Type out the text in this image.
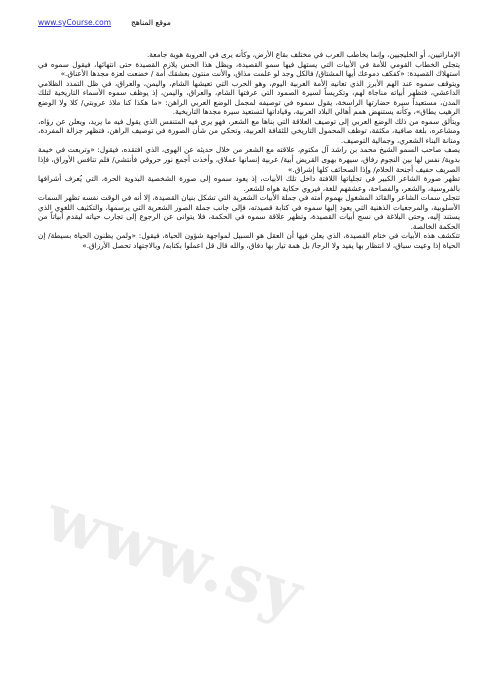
www.syCourse.com	موقع المناهج

الإماراتيين، أو الخليجيين، وإنما يخاطب العرب في مختلف بقاع الأرض، وكأنه يرى في العروبة هوية جامعة.

يتجلى الخطاب القومي للأمة في الأبيات التي يستهل فيها سمو القصيدة، ويظل هذا الحس يلازم القصيدة حتى انتهائها، فيقول سموه في استهلاك القصيدة: «كفكف دموعك أيها المشتاق/ فالكل وجد لو علمت مذاق، والأنت منتون بعشقك أمة / خضعت لعزة مجدها الأعناق.»

ويتوقف سموه عند الهم الأبرز الذي تعانيه الأمة العربية اليوم، وهو الحرب التي تعيشها الشام، واليمن، والعراق، في ظل التمدد الظلامي الداعشي، فتظهر أبياته مناجاة لهم، وتكريساً لسيرة الصمود التي عرفتها الشام، والعراق، واليمن، إذ يوظف سموه الأسماء التاريخية لتلك المدن، مستعيداً سيرة حضارتها الراسخة، يقول سموه في توصيفه لمجمل الوضع العربي الراهن: «ما هكذا كنا ملاذ عروبتي/ كلا ولا الوضع الرهيب يطاق»، وكأنه يستنهض همم أهالي البلاد العربية، وقياداتها لتستعيد سيرة مجدها التاريخية.

ويتألق سموه من ذلك الوضع العربي إلى توصيف العلاقة التي بناها مع الشعر، فهو يرى فيه المتنفس الذي يقول فيه ما يريد، ويعلن عن رؤاه، ومشاعره، بلغة صافية، مكثفة، توظف المحمول التاريخي للثقافة العربية، وتحكي من شأن الصورة في توصيف الراهن، فتظهر جزالة المفردة، ومتانة البناء الشعري، وجمالية التوصيف.

يصف صاحب السمو الشيخ محمد بن راشد آل مكتوم، علاقته مع الشعر من خلال حديثه عن الهوى، الذي افتقده، فيقول: «وتربعت في خيمة بدوية/ نفس لها بين النجوم رفاق، سيهرة بهوى القريض أبية/ عربية إنسانها عملاق، وأخذت أجمع نور حروفي فأنتشي/ فلم تنافس الأوراق، فإذا الصريف حفيف أجنحة الحلام/ وإذا الصحائف كلها إشراق.»

تظهر صورة الشاعر الكبير في تجلياتها اللافتة داخل تلك الأبيات، إذ يعود سموه إلى صورة الشخصية البدوية الحرة، التي يُعرف أشرافها بالفروسية، والشعر، والفصاحة، وعشقهم للغة، فيروي حكاية هواه للشعر.

تتجلى سمات الشاعر والقائد المشغول بهموم أمته في جملة الأبيات الشعرية التي تشكل بنيان القصيدة، إلا أنه في الوقت نفسه تظهر السمات الأسلوبية، والمرجعيات الذهنية التي يعود إليها سموه في كتابة قصيدته، فإلى جانب جملة الصور الشعرية التي يرسمها، والتكثيف اللغوي الذي يستند إليه، وحتى البلاغة في نسج أبيات القصيدة، وتظهر علاقة سموه في الحكمة، فلا يتوانى عن الرجوع إلى تجارب حياته ليقدم أبياتاً من الحكمة الخالصة.

تتكشف هذه الأبيات في ختام القصيدة، الذي يعلن فيها أن العقل هو السبيل لمواجهة شؤون الحياة، فيقول: «ولمن يظنون الحياة بسيطة/ إن الحياة إذا وعيت سباق، لا انتظار بها يفيد ولا الرجا/ بل همة تيار بها دفاق، والله قال قل اعملوا بكتابه/ وبالاجتهاد تحصل الأرزاق.»

www.sy
